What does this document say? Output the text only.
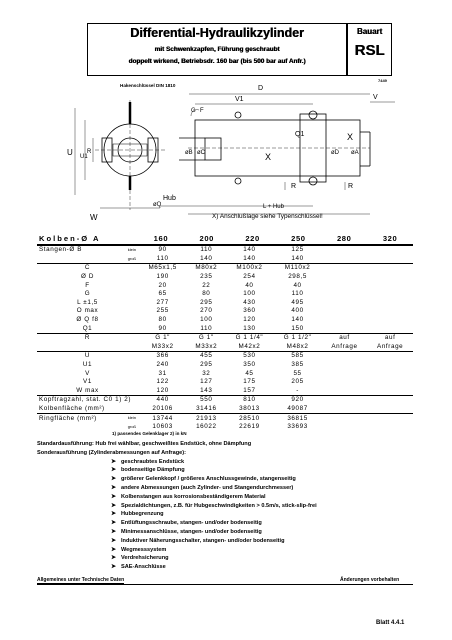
Differential-Hydraulikzylinder
mit Schwenkzapfen, Führung geschraubt
doppelt wirkend, Betriebsdr. 160 bar (bis 500 bar auf Anfr.)
Bauart
RSL
7449
U U1
R
W
øQ
G F
V1
D
V
øB øC
Q1
øD øA
X
X
R	R
Hub
L + Hub
Hakenschlüssel DIN 1810
X) Anschlußlage siehe Typenschlüssel!
Kolben-Ø A	160	200	220	250	280	320
Stangen-Ø B klein	90	110	140	125		

groß	110	140	140	140		
C	M65x1,5	M80x2	M100x2	M110x2		
Ø D	190	235	254	298,5		
F	20	22	40	40		
G	65	80	100	110		
L ±1,5	277	295	430	495		
O max	255	270	360	400		
Ø Q f8	80	100	120	140		
Q1	90	110	130	150		
R	G 1"	G 1"	G 1 1/4"	G 1 1/2"	auf	auf
	M33x2	M33x2	M42x2	M48x2	Anfrage	Anfrage
U	366	455	530	585		
U1	240	295	350	385		
V	31	32	45	55		
V1	122	127	175	205		
W max	120	143	157	-		
Kopftragzahl, stat. C0 1) 2)	440	550	810	920		
Kolbenfläche (mm²)	20106	31416	38013	49087		
Ringfläche (mm²) klein	13744	21913	28510	36815		

groß	10603	16022	22619	33693		
1) passendes Gelenklager 2) in kN
Standardausführung: Hub frei wählbar, geschweißtes Endstück, ohne Dämpfung
Sonderausführung (Zylinderabmessungen auf Anfrage):
➤ geschraubtes Endstück
➤ bodenseitige Dämpfung
➤ größerer Gelenkkopf / größeres Anschlussgewinde, stangenseitig
➤ andere Abmessungen (auch Zylinder- und Stangendurchmesser)
➤ Kolbenstangen aus korrosionsbeständigerem Material
➤ Spezialdichtungen, z.B. für Hubgeschwindigkeiten > 0.5m/s, stick-slip-frei
➤ Hubbegrenzung
➤ Entlüftungsschraube, stangen- und/oder bodenseitig
➤ Minimessanschlüsse, stangen- und/oder bodenseitig
➤ Induktiver Näherungsschalter, stangen- und/oder bodenseitig
➤ Wegmesssystem
➤ Verdrehsicherung
➤ SAE-Anschlüsse
Allgemeines unter Technische Daten	Änderungen vorbehalten
Blatt 4.4.1
